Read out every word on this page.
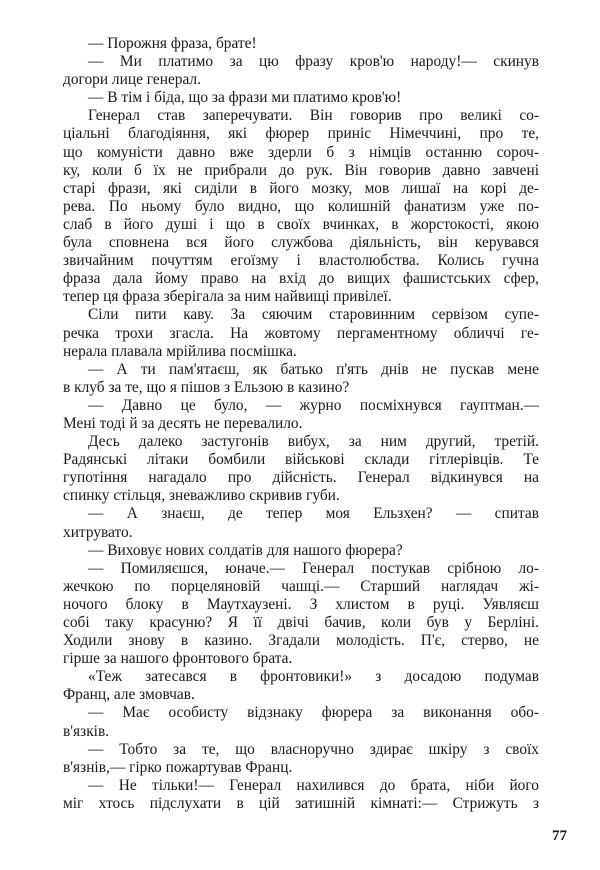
— Порожня фраза, брате!
— Ми платимо за цю фразу кров'ю народу!— скинув
догори лице генерал.
— В тім і біда, що за фрази ми платимо кров'ю!
Генерал став заперечувати. Він говорив про великі со-
ціальні благодіяння, які фюрер приніс Німеччині, про те,
що комуністи давно вже здерли б з німців останню сороч-
ку, коли б їх не прибрали до рук. Він говорив давно завчені
старі фрази, які сиділи в його мозку, мов лишаї на корі де-
рева. По ньому було видно, що колишній фанатизм уже по-
слаб в його душі і що в своїх вчинках, в жорстокості, якою
була сповнена вся його службова діяльність, він керувався
звичайним почуттям егоїзму і властолюбства. Колись гучна
фраза дала йому право на вхід до вищих фашистських сфер,
тепер ця фраза зберігала за ним найвищі привілеї.
Сіли пити каву. За сяючим старовинним сервізом супе-
речка трохи згасла. На жовтому пергаментному обличчі ге-
нерала плавала мрійлива посмішка.
— А ти пам'ятаєш, як батько п'ять днів не пускав мене
в клуб за те, що я пішов з Ельзою в казино?
— Давно це було, — журно посміхнувся гауптман.—
Мені тоді й за десять не перевалило.
Десь далеко застугонів вибух, за ним другий, третій.
Радянські літаки бомбили військові склади гітлерівців. Те
гупотіння нагадало про дійсність. Генерал відкинувся на
спинку стільця, зневажливо скривив губи.
— А знаєш, де тепер моя Ельзхен? — спитав
хитрувато.
— Виховує нових солдатів для нашого фюрера?
— Помиляєшся, юначе.— Генерал постукав срібною ло-
жечкою по порцеляновій чашці.— Старший наглядач жі-
ночого блоку в Маутхаузені. З хлистом в руці. Уявляєш
собі таку красуню? Я її двічі бачив, коли був у Берліні.
Ходили знову в казино. Згадали молодість. П'є, стерво, не
гірше за нашого фронтового брата.
«Теж затесався в фронтовики!» з досадою подумав
Франц, але змовчав.
— Має особисту відзнаку фюрера за виконання обо-
в'язків.
— Тобто за те, що власноручно здирає шкіру з своїх
в'язнів,— гірко пожартував Франц.
— Не тільки!— Генерал нахилився до брата, ніби його
міг хтось підслухати в цій затишній кімнаті:— Стрижуть з
77
